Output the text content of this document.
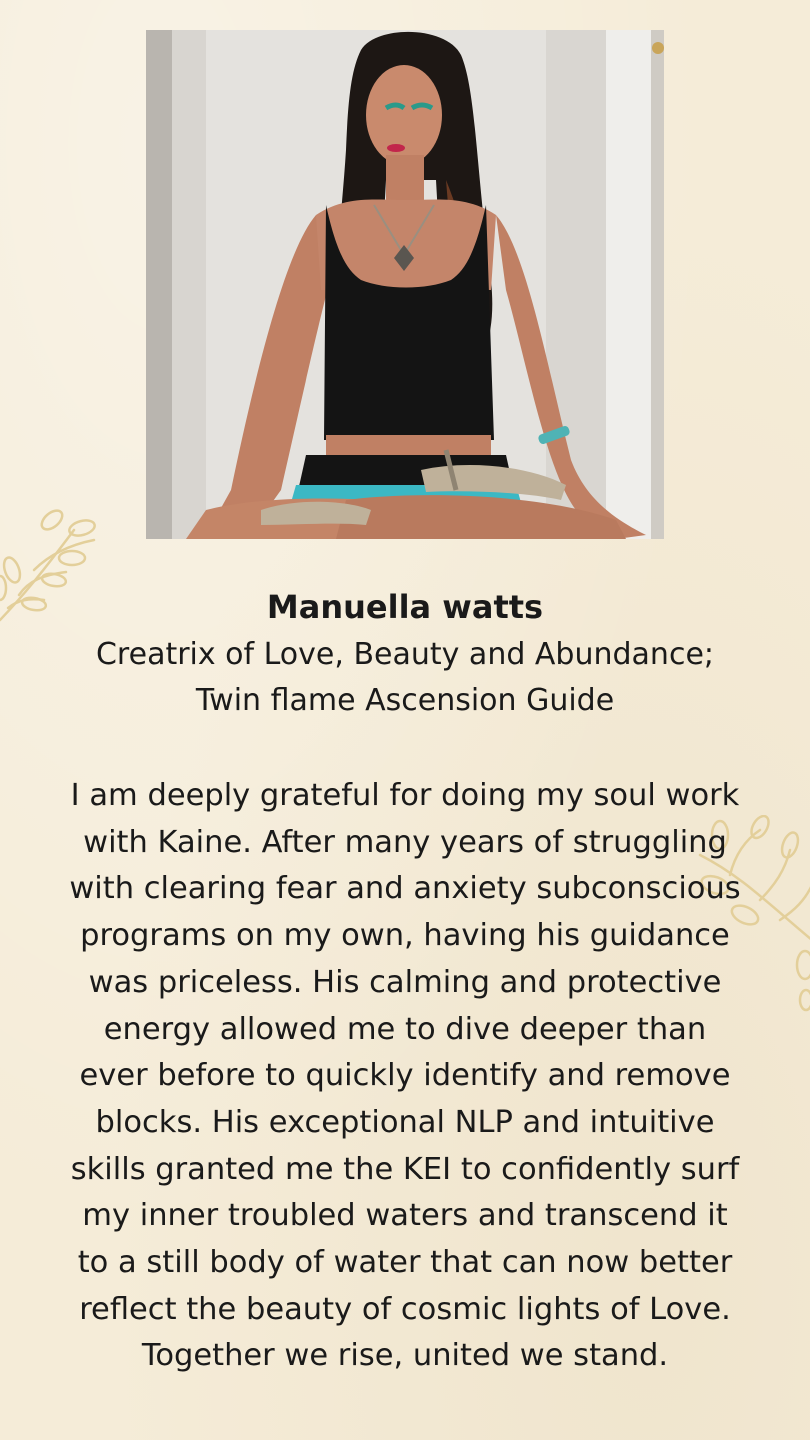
Manuella watts
Creatrix of Love, Beauty and Abundance;
Twin flame Ascension Guide
I am deeply grateful for doing my soul work
with Kaine. After many years of struggling
with clearing fear and anxiety subconscious
programs on my own, having his guidance
was priceless. His calming and protective
energy allowed me to dive deeper than
ever before to quickly identify and remove
blocks. His exceptional NLP and intuitive
skills granted me the KEI to confidently surf
my inner troubled waters and transcend it
to a still body of water that can now better
reflect the beauty of cosmic lights of Love.
Together we rise, united we stand.
